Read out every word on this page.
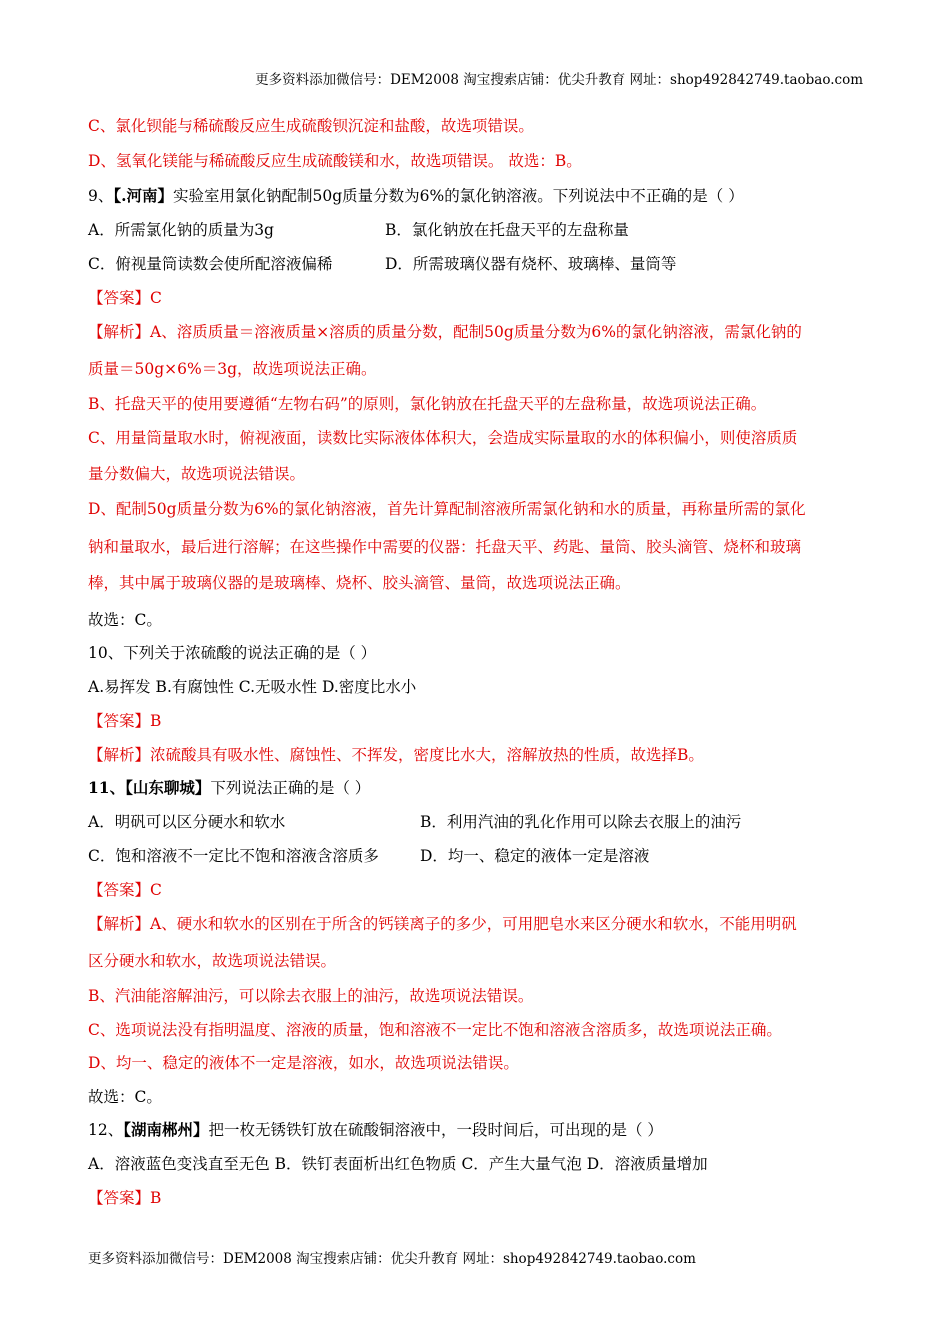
更多资料添加微信号：DEM2008 淘宝搜索店铺：优尖升教育 网址：shop492842749.taobao.com
C、氯化钡能与稀硫酸反应生成硫酸钡沉淀和盐酸，故选项错误。
D、氢氧化镁能与稀硫酸反应生成硫酸镁和水，故选项错误。 故选：B。
9、【.河南】实验室用氯化钠配制50g质量分数为6%的氯化钠溶液。下列说法中不正确的是（ ）
A．所需氯化钠的质量为3g	B．氯化钠放在托盘天平的左盘称量
C．俯视量筒读数会使所配溶液偏稀	D．所需玻璃仪器有烧杯、玻璃棒、量筒等
【答案】C
【解析】A、溶质质量＝溶液质量×溶质的质量分数，配制50g质量分数为6%的氯化钠溶液，需氯化钠的
质量＝50g×6%＝3g，故选项说法正确。
B、托盘天平的使用要遵循“左物右码”的原则，氯化钠放在托盘天平的左盘称量，故选项说法正确。
C、用量筒量取水时，俯视液面，读数比实际液体体积大，会造成实际量取的水的体积偏小，则使溶质质
量分数偏大，故选项说法错误。
D、配制50g质量分数为6%的氯化钠溶液，首先计算配制溶液所需氯化钠和水的质量，再称量所需的氯化
钠和量取水，最后进行溶解；在这些操作中需要的仪器：托盘天平、药匙、量筒、胶头滴管、烧杯和玻璃
棒，其中属于玻璃仪器的是玻璃棒、烧杯、胶头滴管、量筒，故选项说法正确。
故选：C。
10、下列关于浓硫酸的说法正确的是（ ）
A.易挥发 B.有腐蚀性 C.无吸水性 D.密度比水小
【答案】B
【解析】浓硫酸具有吸水性、腐蚀性、不挥发，密度比水大，溶解放热的性质，故选择B。
11、【山东聊城】下列说法正确的是（ ）
A．明矾可以区分硬水和软水	B．利用汽油的乳化作用可以除去衣服上的油污
C．饱和溶液不一定比不饱和溶液含溶质多	D．均一、稳定的液体一定是溶液
【答案】C
【解析】A、硬水和软水的区别在于所含的钙镁离子的多少，可用肥皂水来区分硬水和软水，不能用明矾
区分硬水和软水，故选项说法错误。
B、汽油能溶解油污，可以除去衣服上的油污，故选项说法错误。
C、选项说法没有指明温度、溶液的质量，饱和溶液不一定比不饱和溶液含溶质多，故选项说法正确。
D、均一、稳定的液体不一定是溶液，如水，故选项说法错误。
故选：C。
12、【湖南郴州】把一枚无锈铁钉放在硫酸铜溶液中，一段时间后，可出现的是（ ）
A．溶液蓝色变浅直至无色 B．铁钉表面析出红色物质 C．产生大量气泡 D．溶液质量增加
【答案】B
更多资料添加微信号：DEM2008 淘宝搜索店铺：优尖升教育 网址：shop492842749.taobao.com
